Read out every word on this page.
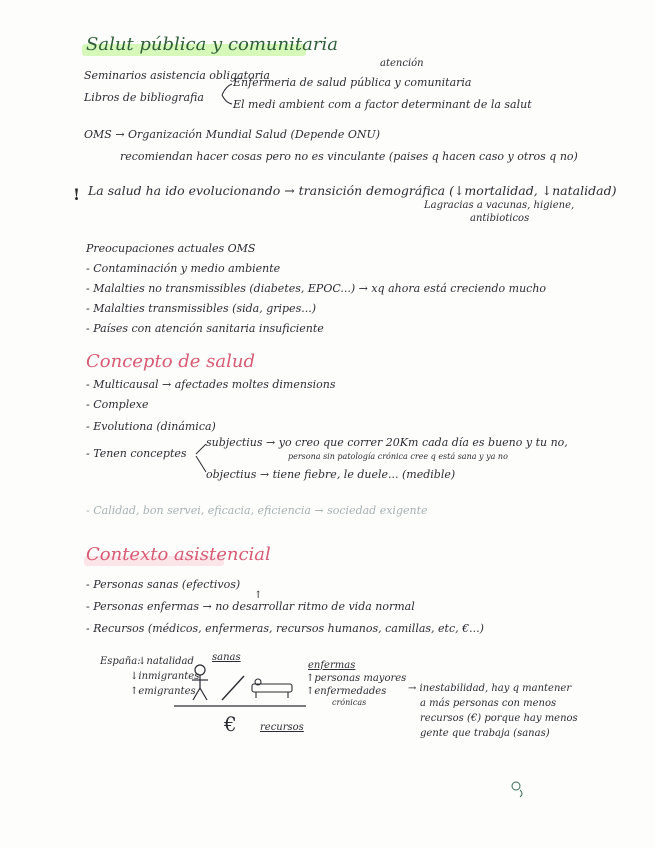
Salut pública y comunitaria
Seminarios asistencia obligatoria
atención
Libros de bibliografia
Enfermeria de salud pública y comunitaria
El medi ambient com a factor determinant de la salut
OMS → Organización Mundial Salud (Depende ONU)
recomiendan hacer cosas pero no es vinculante (paises q hacen caso y otros q no)
! La salud ha ido evolucionando → transición demográfica (↓mortalidad, ↓natalidad)
Lagracias a vacunas, higiene,
antibioticos
Preocupaciones actuales OMS
- Contaminación y medio ambiente
- Malalties no transmissibles (diabetes, EPOC...) → xq ahora está creciendo mucho
- Malalties transmissibles (sida, gripes...)
- Países con atención sanitaria insuficiente
Concepto de salud
- Multicausal → afectades moltes dimensions
- Complexe
- Evolutiona (dinámica)
- Tenen conceptes
subjectius → yo creo que correr 20Km cada día es bueno y tu no,
persona sin patología crónica cree q está sana y ya no
objectius → tiene fiebre, le duele... (medible)
- Calidad, bon servei, eficacia, eficiencia → sociedad exigente
Contexto asistencial
- Personas sanas (efectivos)
↑
- Personas enfermas → no desarrollar ritmo de vida normal
- Recursos (médicos, enfermeras, recursos humanos, camillas, etc, €...)
España:
↓natalidad
↓inmigrantes
↑emigrantes
sanas
enfermas
↑personas mayores
↑enfermedades
crónicas
€ recursos
→ inestabilidad, hay q mantener
a más personas con menos
recursos (€) porque hay menos
gente que trabaja (sanas)
